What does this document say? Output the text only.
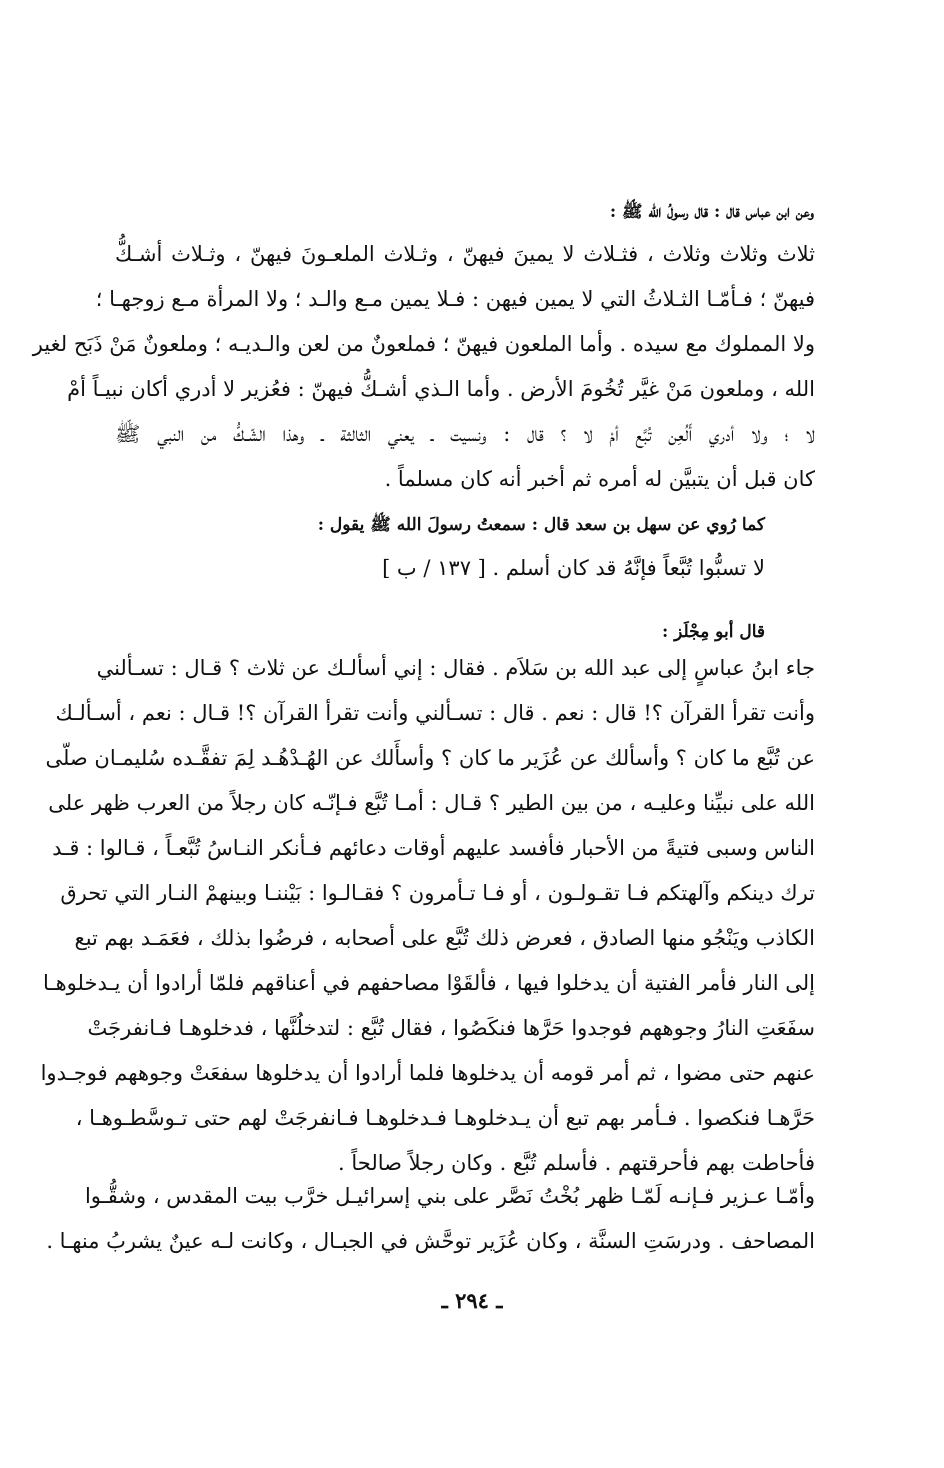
وعن ابن عباس قال : قال رسولُ الله ﷺ :
ثلاث وثلاث وثلاث ، فثـلاث لا يمينَ فيهنّ ، وثـلاث الملعـونَ فيهنّ ، وثـلاث أشـكُّ
فيهنّ ؛ فـأمّـا الثـلاثُ التي لا يمين فيهن : فـلا يمين مـع والـد ؛ ولا المرأة مـع زوجهـا ؛
ولا المملوك مع سيده . وأما الملعون فيهنّ ؛ فملعونٌ من لعن والـديـه ؛ وملعونٌ مَنْ ذَبَح لغير
الله ، وملعون مَنْ غيَّر تُخُومَ الأرض . وأما الـذي أشـكُّ فيهنّ : فعُزير لا أدري أكان نبيـاً أمْ
لا ؛ ولا أدري أَلُعِن تُبَّع أمْ لا ؟ قال : ونسيت ـ يعني الثالثة ـ وهذا الشّـكُّ من النبي ﷺ
كان قبل أن يتبيَّن له أمره ثم أخبر أنه كان مسلماً .
كما رُوي عن سهل بن سعد قال : سمعتُ رسولَ الله ﷺ يقول :
لا تسبُّوا تُبَّعاً فإنَّهُ قد كان أسلم . [ ١٣٧ / ب ]
قال أبو مِجْلَز :
جاء ابنُ عباسٍ إلى عبد الله بن سَلاَم . فقال : إني أسألـك عن ثلاث ؟ قـال : تسـألني
وأنت تقرأ القرآن ؟! قال : نعم . قال : تسـألني وأنت تقرأ القرآن ؟! قـال : نعم ، أسـألـك
عن تُبَّع ما كان ؟ وأسألك عن عُزَير ما كان ؟ وأسأَلك عن الهُـدْهُـد لِمَ تفقَّـده سُليمـان صلّى
الله على نبيِّنا وعليـه ، من بين الطير ؟ قـال : أمـا تُبَّع فـإنّـه كان رجلاً من العرب ظهر على
الناس وسبى فتيةً من الأحبار فأفسد عليهم أوقات دعائهم فـأنكر النـاسُ تُبَّعـاً ، قـالوا : قـد
ترك دينكم وآلهتكم فـا تقـولـون ، أو فـا تـأمرون ؟ فقـالـوا : بَيْننـا وبينهمْ النـار التي تحرق
الكاذب ويَنْجُو منها الصادق ، فعرض ذلك تُبَّع على أصحابه ، فرضُوا بذلك ، فعَمَـد بهم تبع
إلى النار فأمر الفتية أن يدخلوا فيها ، فألقَوْا مصاحفهم في أعناقهم فلمّا أرادوا أن يـدخلوهـا
سفَعَتِ النارُ وجوههم فوجدوا حَرَّها فنكَصُوا ، فقال تُبَّع : لتدخلُنَّها ، فدخلوهـا فـانفرجَتْ
عنهم حتى مضوا ، ثم أمر قومه أن يدخلوها فلما أرادوا أن يدخلوها سفعَتْ وجوههم فوجـدوا
حَرَّهـا فنكصوا . فـأمر بهم تبع أن يـدخلوهـا فـدخلوهـا فـانفرجَتْ لهم حتى تـوسَّطـوهـا ،
فأحاطت بهم فأحرقتهم . فأسلم تُبَّع . وكان رجلاً صالحاً .
وأمّـا عـزير فـإنـه لَمّـا ظهر بُخْتُ نَصَّر على بني إسرائيـل خرَّب بيت المقدس ، وشقُّـوا
المصاحف . ودرسَتِ السنَّة ، وكان عُزَير توحَّش في الجبـال ، وكانت لـه عينٌ يشربُ منهـا .
ـ ٢٩٤ ـ
